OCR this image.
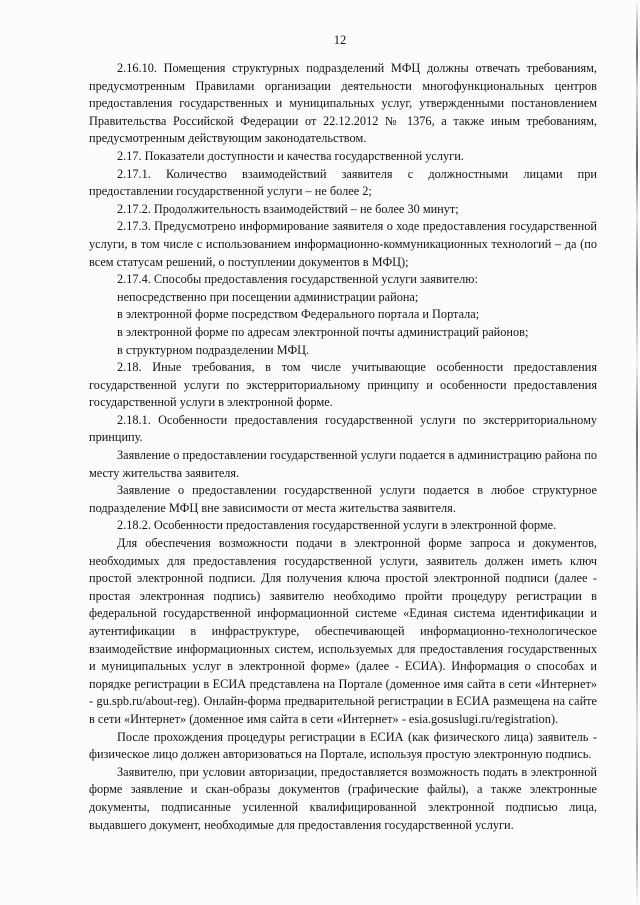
12

2.16.10. Помещения структурных подразделений МФЦ должны отвечать требованиям, предусмотренным Правилами организации деятельности многофункциональных центров предоставления государственных и муниципальных услуг, утвержденными постановлением Правительства Российской Федерации от 22.12.2012 № 1376, а также иным требованиям, предусмотренным действующим законодательством.

2.17. Показатели доступности и качества государственной услуги.

2.17.1. Количество взаимодействий заявителя с должностными лицами при предоставлении государственной услуги – не более 2;

2.17.2. Продолжительность взаимодействий – не более 30 минут;

2.17.3. Предусмотрено информирование заявителя о ходе предоставления государственной услуги, в том числе с использованием информационно-коммуникационных технологий – да (по всем статусам решений, о поступлении документов в МФЦ);

2.17.4. Способы предоставления государственной услуги заявителю:

непосредственно при посещении администрации района;

в электронной форме посредством Федерального портала и Портала;

в электронной форме по адресам электронной почты администраций районов;

в структурном подразделении МФЦ.

2.18. Иные требования, в том числе учитывающие особенности предоставления государственной услуги по экстерриториальному принципу и особенности предоставления государственной услуги в электронной форме.

2.18.1. Особенности предоставления государственной услуги по экстерриториальному принципу.

Заявление о предоставлении государственной услуги подается в администрацию района по месту жительства заявителя.

Заявление о предоставлении государственной услуги подается в любое структурное подразделение МФЦ вне зависимости от места жительства заявителя.

2.18.2. Особенности предоставления государственной услуги в электронной форме.

Для обеспечения возможности подачи в электронной форме запроса и документов, необходимых для предоставления государственной услуги, заявитель должен иметь ключ простой электронной подписи. Для получения ключа простой электронной подписи (далее - простая электронная подпись) заявителю необходимо пройти процедуру регистрации в федеральной государственной информационной системе «Единая система идентификации и аутентификации в инфраструктуре, обеспечивающей информационно-технологическое взаимодействие информационных систем, используемых для предоставления государственных и муниципальных услуг в электронной форме» (далее - ЕСИА). Информация о способах и порядке регистрации в ЕСИА представлена на Портале (доменное имя сайта в сети «Интернет» - gu.spb.ru/about-reg). Онлайн-форма предварительной регистрации в ЕСИА размещена на сайте в сети «Интернет» (доменное имя сайта в сети «Интернет» - esia.gosuslugi.ru/registration).

После прохождения процедуры регистрации в ЕСИА (как физического лица) заявитель - физическое лицо должен авторизоваться на Портале, используя простую электронную подпись.

Заявителю, при условии авторизации, предоставляется возможность подать в электронной форме заявление и скан-образы документов (графические файлы), а также электронные документы, подписанные усиленной квалифицированной электронной подписью лица, выдавшего документ, необходимые для предоставления государственной услуги.
